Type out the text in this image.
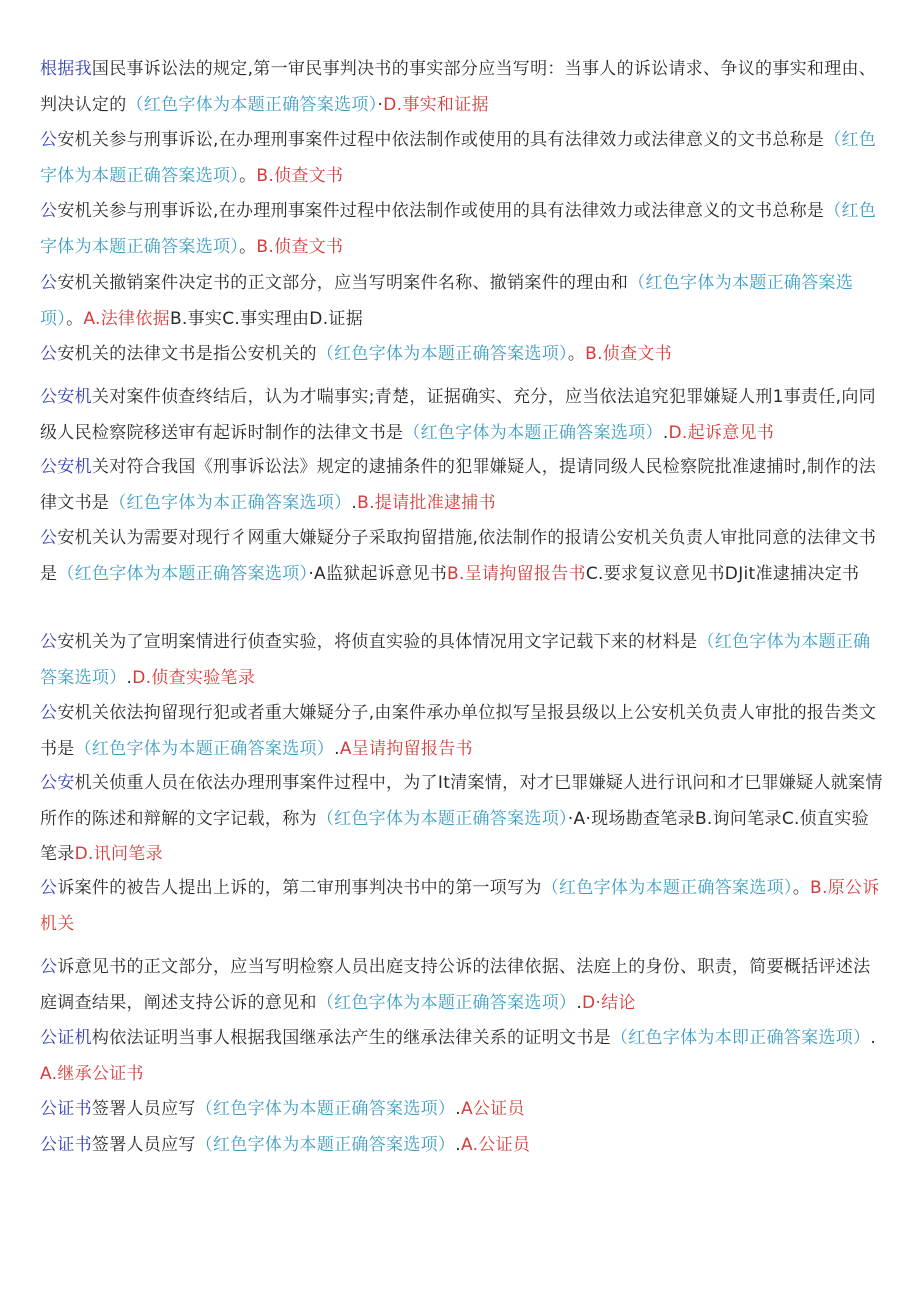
根据我国民事诉讼法的规定,第一审民事判决书的事实部分应当写明：当事人的诉讼请求、争议的事实和理由、判决认定的（红色字体为本题正确答案选项）·D.事实和证据

公安机关参与刑事诉讼,在办理刑事案件过程中依法制作或使用的具有法律效力或法律意义的文书总称是（红色字体为本题正确答案选项）。B.侦查文书

公安机关参与刑事诉讼,在办理刑事案件过程中依法制作或使用的具有法律效力或法律意义的文书总称是（红色字体为本题正确答案选项）。B.侦查文书

公安机关撤销案件决定书的正文部分，应当写明案件名称、撤销案件的理由和（红色字体为本题正确答案选项）。A.法律依据B.事实C.事实理由D.证据

公安机关的法律文书是指公安机关的（红色字体为本题正确答案选项）。B.侦查文书

公安机关对案件侦查终结后，认为才喘事实;青楚，证据确实、充分，应当依法追究犯罪嫌疑人刑1事责任,向同级人民检察院移送审有起诉时制作的法律文书是（红色字体为本题正确答案选项）.D.起诉意见书

公安机关对符合我国《刑事诉讼法》规定的逮捕条件的犯罪嫌疑人，提请同级人民检察院批准逮捕时,制作的法律文书是（红色字体为本正确答案选项）.B.提请批准逮捕书

公安机关认为需要对现行彳网重大嫌疑分子采取拘留措施,依法制作的报请公安机关负责人审批同意的法律文书是（红色字体为本题正确答案选项）·A监狱起诉意见书B.呈请拘留报告书C.要求复议意见书DJit准逮捕决定书

公安机关为了宣明案情进行侦查实验，将侦直实验的具体情况用文字记载下来的材料是（红色字体为本题正确答案选项）.D.侦查实验笔录

公安机关依法拘留现行犯或者重大嫌疑分子,由案件承办单位拟写呈报县级以上公安机关负责人审批的报告类文书是（红色字体为本题正确答案选项）.A呈请拘留报告书

公安机关侦重人员在依法办理刑事案件过程中，为了It清案情，对才巳罪嫌疑人进行讯问和才巳罪嫌疑人就案情所作的陈述和辩解的文字记载，称为（红色字体为本题正确答案选项）·A·现场勘查笔录B.询问笔录C.侦直实验笔录D.讯问笔录

公诉案件的被告人提出上诉的，第二审刑事判决书中的第一项写为（红色字体为本题正确答案选项）。B.原公诉机关

公诉意见书的正文部分，应当写明检察人员出庭支持公诉的法律依据、法庭上的身份、职责，简要概括评述法庭调查结果，阐述支持公诉的意见和（红色字体为本题正确答案选项）.D·结论

公证机构依法证明当事人根据我国继承法产生的继承法律关系的证明文书是（红色字体为本即正确答案选项）.A.继承公证书

公证书签署人员应写（红色字体为本题正确答案选项）.A公证员

公证书签署人员应写（红色字体为本题正确答案选项）.A.公证员
